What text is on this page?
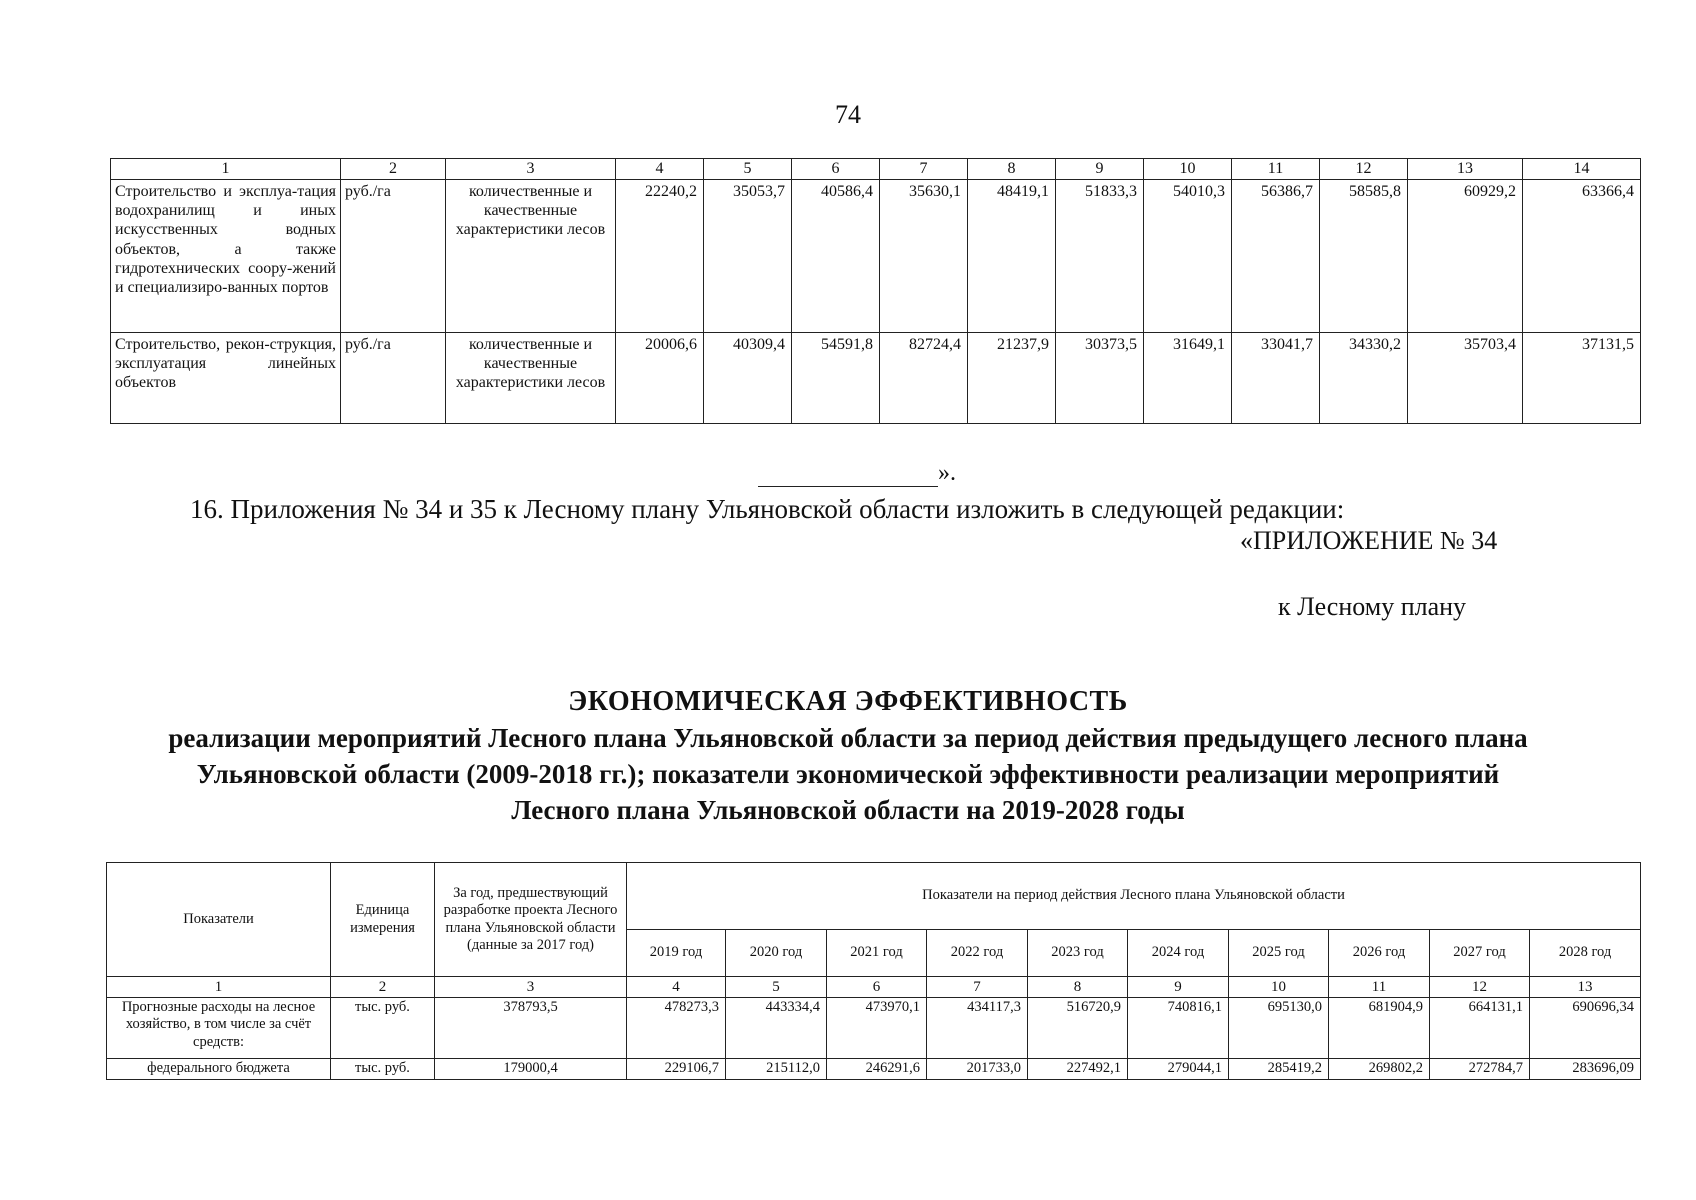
74
1	2	3	4	5	6	7	8	9	10	11	12	13	14
Строительство и эксплуа-тация водохранилищ и иных искусственных водных объектов, а также гидротехнических соору-жений и специализиро-ванных портов	руб./га	количественные и качественные характеристики лесов	22240,2	35053,7	40586,4	35630,1	48419,1	51833,3	54010,3	56386,7	58585,8	60929,2	63366,4
Строительство, рекон-струкция, эксплуатация линейных объектов	руб./га	количественные и качественные характеристики лесов	20006,6	40309,4	54591,8	82724,4	21237,9	30373,5	31649,1	33041,7	34330,2	35703,4	37131,5
».
16. Приложения № 34 и 35 к Лесному плану Ульяновской области изложить в следующей редакции:
«ПРИЛОЖЕНИЕ № 34
к Лесному плану
ЭКОНОМИЧЕСКАЯ ЭФФЕКТИВНОСТЬ
реализации мероприятий Лесного плана Ульяновской области за период действия предыдущего лесного плана
Ульяновской области (2009-2018 гг.); показатели экономической эффективности реализации мероприятий
Лесного плана Ульяновской области на 2019-2028 годы
Показатели	Единица измерения	За год, предшествующий разработке проекта Лесного плана Ульяновской области (данные за 2017 год)	Показатели на период действия Лесного плана Ульяновской области									
			2019 год	2020 год	2021 год	2022 год	2023 год	2024 год	2025 год	2026 год	2027 год	2028 год
1	2	3	4	5	6	7	8	9	10	11	12	13
Прогнозные расходы на лесное хозяйство, в том числе за счёт средств:	тыс. руб.	378793,5	478273,3	443334,4	473970,1	434117,3	516720,9	740816,1	695130,0	681904,9	664131,1	690696,34
федерального бюджета	тыс. руб.	179000,4	229106,7	215112,0	246291,6	201733,0	227492,1	279044,1	285419,2	269802,2	272784,7	283696,09
